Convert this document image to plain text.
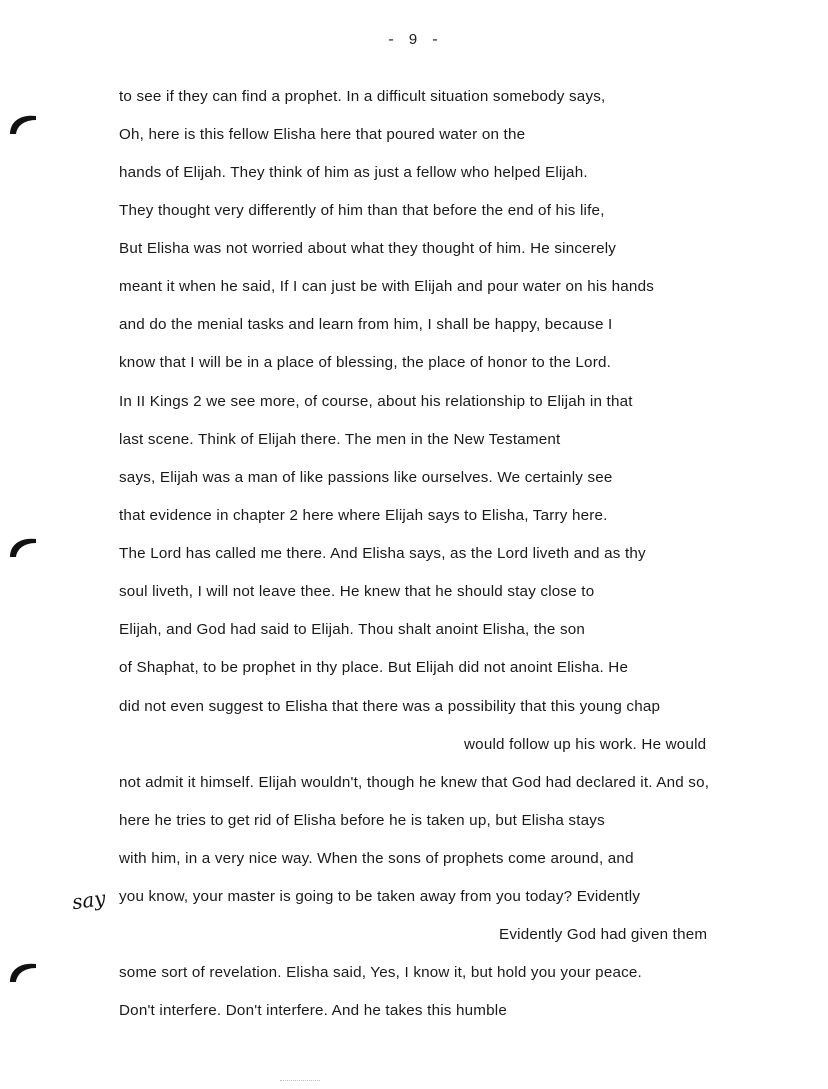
- 9 -
say
to see if they can find a prophet. In a difficult situation somebody says,
Oh, here is this fellow Elisha here that poured water on the
hands of Elijah. They think of him as just a fellow who helped Elijah.
They thought very differently of him than that before the end of his life,
But Elisha was not worried about what they thought of him. He sincerely
meant it when he said, If I can just be with Elijah and pour water on his hands
and do the menial tasks and learn from him, I shall be happy, because I
know that I will be in a place of blessing, the place of honor to the Lord.
In II Kings 2 we see more, of course, about his relationship to Elijah in that
last scene. Think of Elijah there. The men in the New Testament
says, Elijah was a man of like passions like ourselves. We certainly see
that evidence in chapter 2 here where Elijah says to Elisha, Tarry here.
The Lord has called me there. And Elisha says, as the Lord liveth and as thy
soul liveth, I will not leave thee. He knew that he should stay close to
Elijah, and God had said to Elijah. Thou shalt anoint Elisha, the son
of Shaphat, to be prophet in thy place. But Elijah did not anoint Elisha. He
did not even suggest to Elisha that there was a possibility that this young chap
would follow up his work. He would
not admit it himself. Elijah wouldn't, though he knew that God had declared it. And so,
here he tries to get rid of Elisha before he is taken up, but Elisha stays
with him, in a very nice way. When the sons of prophets come around, and
you know, your master is going to be taken away from you today? Evidently
Evidently God had given them
some sort of revelation. Elisha said, Yes, I know it, but hold you your peace.
Don't interfere. Don't interfere. And he takes this humble
